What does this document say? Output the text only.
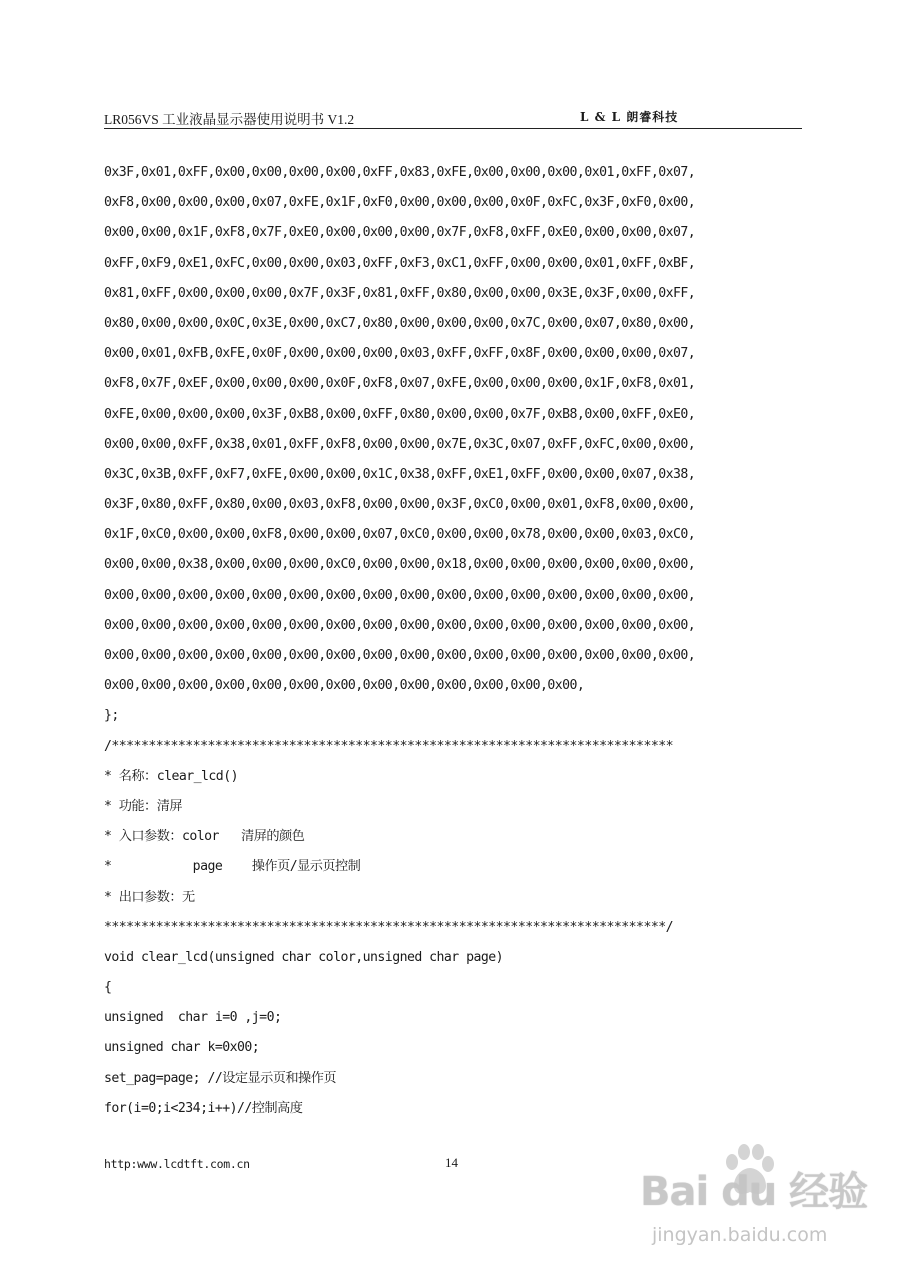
LR056VS 工业液晶显示器使用说明书 V1.2	L & L 朗睿科技
0x3F,0x01,0xFF,0x00,0x00,0x00,0x00,0xFF,0x83,0xFE,0x00,0x00,0x00,0x01,0xFF,0x07,
0xF8,0x00,0x00,0x00,0x07,0xFE,0x1F,0xF0,0x00,0x00,0x00,0x0F,0xFC,0x3F,0xF0,0x00,
0x00,0x00,0x1F,0xF8,0x7F,0xE0,0x00,0x00,0x00,0x7F,0xF8,0xFF,0xE0,0x00,0x00,0x07,
0xFF,0xF9,0xE1,0xFC,0x00,0x00,0x03,0xFF,0xF3,0xC1,0xFF,0x00,0x00,0x01,0xFF,0xBF,
0x81,0xFF,0x00,0x00,0x00,0x7F,0x3F,0x81,0xFF,0x80,0x00,0x00,0x3E,0x3F,0x00,0xFF,
0x80,0x00,0x00,0x0C,0x3E,0x00,0xC7,0x80,0x00,0x00,0x00,0x7C,0x00,0x07,0x80,0x00,
0x00,0x01,0xFB,0xFE,0x0F,0x00,0x00,0x00,0x03,0xFF,0xFF,0x8F,0x00,0x00,0x00,0x07,
0xF8,0x7F,0xEF,0x00,0x00,0x00,0x0F,0xF8,0x07,0xFE,0x00,0x00,0x00,0x1F,0xF8,0x01,
0xFE,0x00,0x00,0x00,0x3F,0xB8,0x00,0xFF,0x80,0x00,0x00,0x7F,0xB8,0x00,0xFF,0xE0,
0x00,0x00,0xFF,0x38,0x01,0xFF,0xF8,0x00,0x00,0x7E,0x3C,0x07,0xFF,0xFC,0x00,0x00,
0x3C,0x3B,0xFF,0xF7,0xFE,0x00,0x00,0x1C,0x38,0xFF,0xE1,0xFF,0x00,0x00,0x07,0x38,
0x3F,0x80,0xFF,0x80,0x00,0x03,0xF8,0x00,0x00,0x3F,0xC0,0x00,0x01,0xF8,0x00,0x00,
0x1F,0xC0,0x00,0x00,0xF8,0x00,0x00,0x07,0xC0,0x00,0x00,0x78,0x00,0x00,0x03,0xC0,
0x00,0x00,0x38,0x00,0x00,0x00,0xC0,0x00,0x00,0x18,0x00,0x00,0x00,0x00,0x00,0x00,
0x00,0x00,0x00,0x00,0x00,0x00,0x00,0x00,0x00,0x00,0x00,0x00,0x00,0x00,0x00,0x00,
0x00,0x00,0x00,0x00,0x00,0x00,0x00,0x00,0x00,0x00,0x00,0x00,0x00,0x00,0x00,0x00,
0x00,0x00,0x00,0x00,0x00,0x00,0x00,0x00,0x00,0x00,0x00,0x00,0x00,0x00,0x00,0x00,
0x00,0x00,0x00,0x00,0x00,0x00,0x00,0x00,0x00,0x00,0x00,0x00,0x00,
};
/****************************************************************************
* 名称：clear_lcd()
* 功能：清屏
* 入口参数：color   清屏的颜色
*           page    操作页/显示页控制
* 出口参数：无
****************************************************************************/
void clear_lcd(unsigned char color,unsigned char page)
{
unsigned  char i=0 ,j=0;
unsigned char k=0x00;
set_pag=page; //设定显示页和操作页
for(i=0;i<234;i++)//控制高度
http:www.lcdtft.com.cn	14
Bai du 经验
jingyan.baidu.com
